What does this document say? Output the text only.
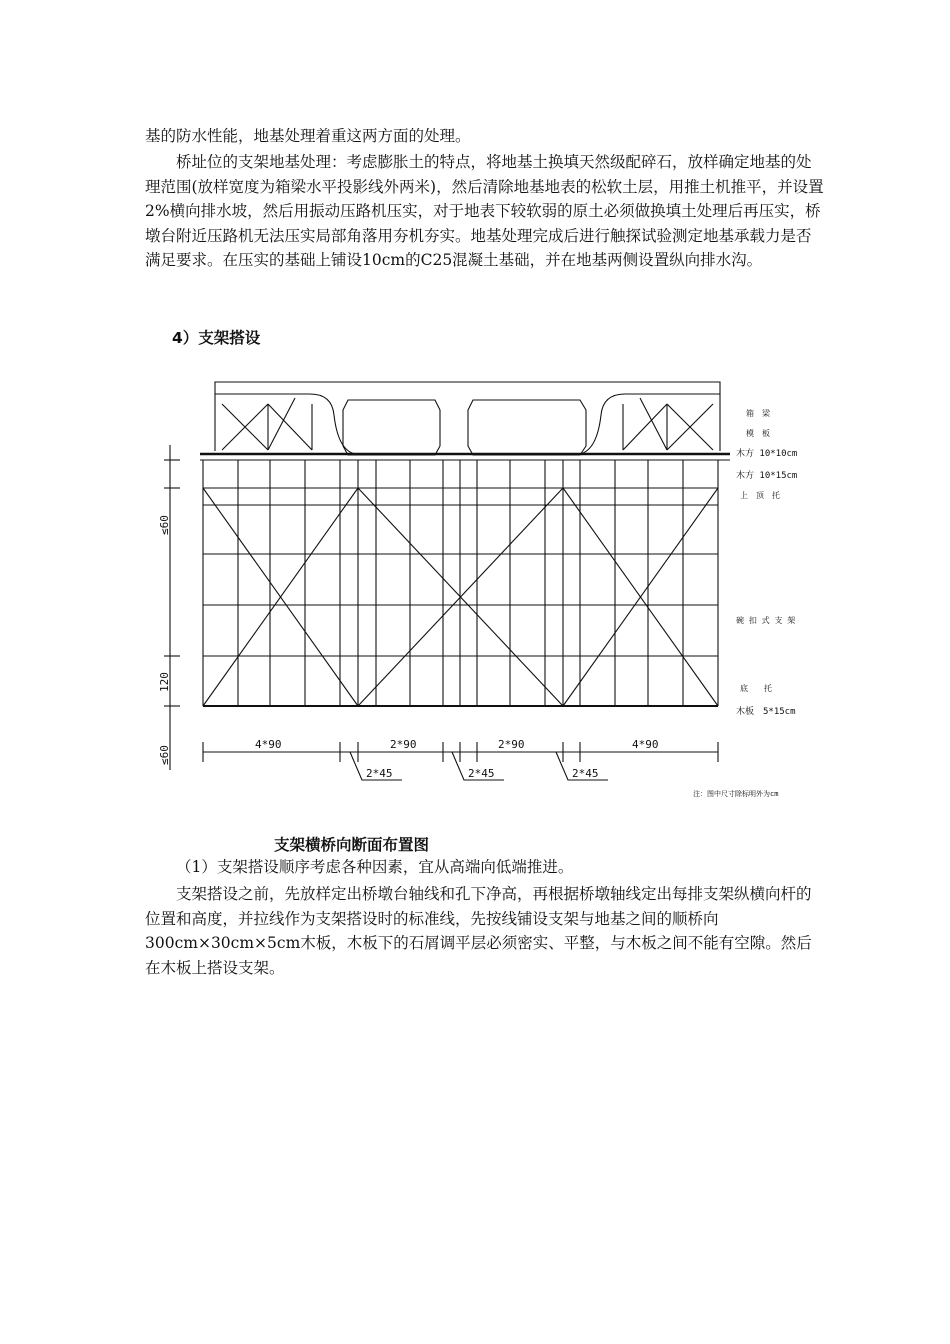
基的防水性能，地基处理着重这两方面的处理。
桥址位的支架地基处理：考虑膨胀土的特点，将地基土换填天然级配碎石，放样确定地基的处理范围(放样宽度为箱梁水平投影线外两米)，然后清除地基地表的松软土层，用推土机推平，并设置2%横向排水坡，然后用振动压路机压实，对于地表下较软弱的原土必须做换填土处理后再压实，桥墩台附近压路机无法压实局部角落用夯机夯实。地基处理完成后进行触探试验测定地基承载力是否满足要求。在压实的基础上铺设10cm的C25混凝土基础，并在地基两侧设置纵向排水沟。
4）支架搭设
≤60
120
≤60
4*90	2*90	2*90	4*90
2*45	2*45	2*45
箱　梁
模　板
木方 10*10cm
木方 10*15cm
上　顶　托
碗 扣 式 支 架
底　　托
木板　5*15cm
注：图中尺寸除标明外为cm
支架横桥向断面布置图
（1）支架搭设顺序考虑各种因素，宜从高端向低端推进。
支架搭设之前，先放样定出桥墩台轴线和孔下净高，再根据桥墩轴线定出每排支架纵横向杆的位置和高度，并拉线作为支架搭设时的标准线，先按线铺设支架与地基之间的顺桥向300cm×30cm×5cm木板，木板下的石屑调平层必须密实、平整，与木板之间不能有空隙。然后在木板上搭设支架。
